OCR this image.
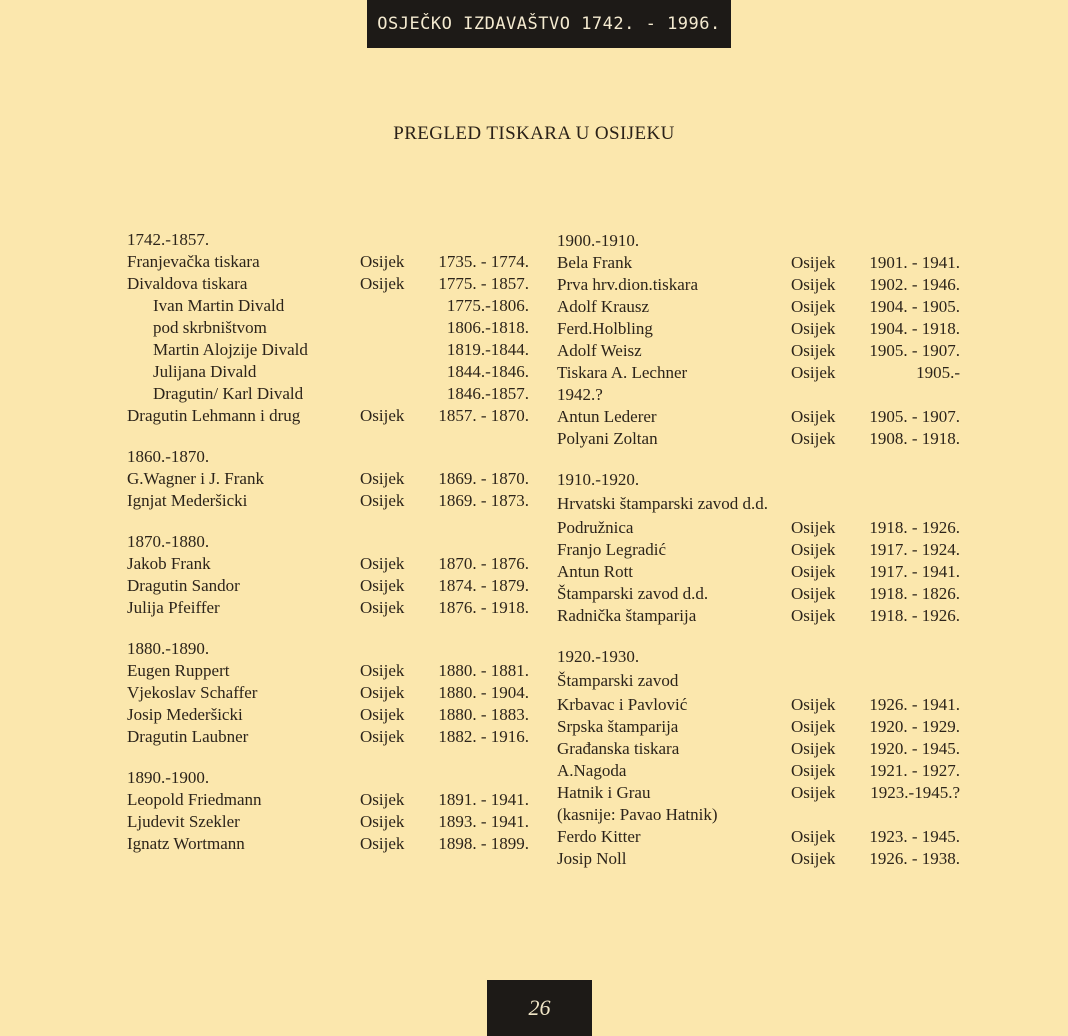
OSJEČKO IZDAVAŠTVO 1742. - 1996.
PREGLED TISKARA U OSIJEKU
1742.-1857.
Franjevačka tiskara	Osijek 1735. - 1774.
Divaldova tiskara	Osijek 1775. - 1857.
Ivan Martin Divald	1775.-1806.
pod skrbništvom	1806.-1818.
Martin Alojzije Divald	1819.-1844.
Julijana Divald	1844.-1846.
Dragutin/ Karl Divald	1846.-1857.
Dragutin Lehmann i drug	Osijek 1857. - 1870.
1860.-1870.
G.Wagner i J. Frank	Osijek 1869. - 1870.
Ignjat Mederšicki	Osijek 1869. - 1873.
1870.-1880.
Jakob Frank	Osijek 1870. - 1876.
Dragutin Sandor	Osijek 1874. - 1879.
Julija Pfeiffer	Osijek 1876. - 1918.
1880.-1890.
Eugen Ruppert	Osijek 1880. - 1881.
Vjekoslav Schaffer	Osijek 1880. - 1904.
Josip Mederšicki	Osijek 1880. - 1883.
Dragutin Laubner	Osijek 1882. - 1916.
1890.-1900.
Leopold Friedmann	Osijek 1891. - 1941.
Ljudevit Szekler	Osijek 1893. - 1941.
Ignatz Wortmann	Osijek 1898. - 1899.
1900.-1910.
Bela Frank	Osijek 1901. - 1941.
Prva hrv.dion.tiskara	Osijek 1902. - 1946.
Adolf Krausz	Osijek 1904. - 1905.
Ferd.Holbling	Osijek 1904. - 1918.
Adolf Weisz	Osijek 1905. - 1907.
Tiskara A. Lechner	Osijek	1905.-
1942.?
Antun Lederer	Osijek 1905. - 1907.
Polyani Zoltan	Osijek 1908. - 1918.
1910.-1920.
Hrvatski štamparski zavod d.d.
Podružnica	Osijek 1918. - 1926.
Franjo Legradić	Osijek 1917. - 1924.
Antun Rott	Osijek 1917. - 1941.
Štamparski zavod d.d.	Osijek 1918. - 1826.
Radnička štamparija	Osijek 1918. - 1926.
1920.-1930.
Štamparski zavod
Krbavac i Pavlović	Osijek 1926. - 1941.
Srpska štamparija	Osijek 1920. - 1929.
Građanska tiskara	Osijek 1920. - 1945.
A.Nagoda	Osijek 1921. - 1927.
Hatnik i Grau	Osijek 1923.-1945.?
(kasnije: Pavao Hatnik)
Ferdo Kitter	Osijek 1923. - 1945.
Josip Noll	Osijek 1926. - 1938.
26
